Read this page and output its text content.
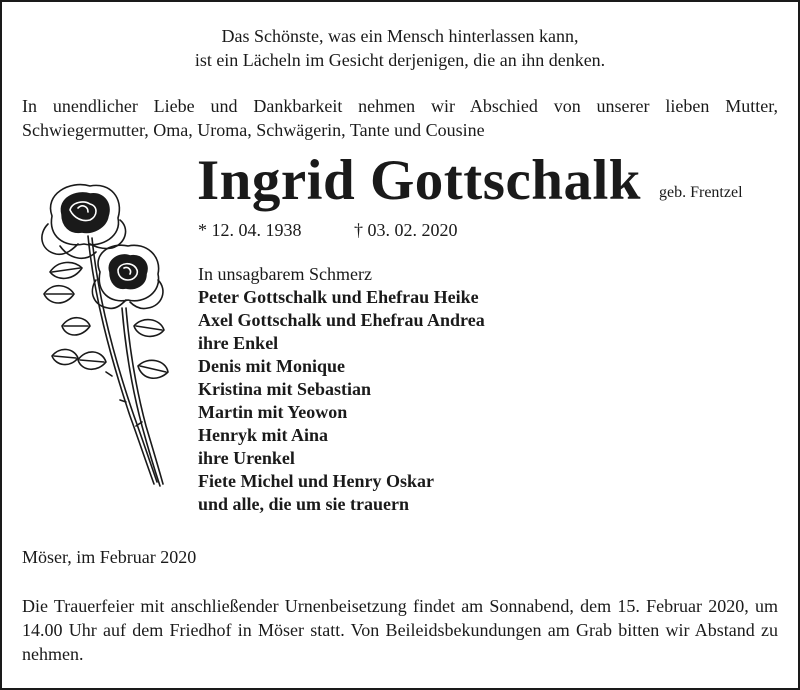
Das Schönste, was ein Mensch hinterlassen kann,
ist ein Lächeln im Gesicht derjenigen, die an ihn denken.
In unendlicher Liebe und Dankbarkeit nehmen wir Abschied von unserer lieben Mutter,
Schwiegermutter, Oma, Uroma, Schwägerin, Tante und Cousine
Ingrid Gottschalk geb. Frentzel
* 12. 04. 1938	† 03. 02. 2020
In unsagbarem Schmerz
Peter Gottschalk und Ehefrau Heike
Axel Gottschalk und Ehefrau Andrea
ihre Enkel
Denis mit Monique
Kristina mit Sebastian
Martin mit Yeowon
Henryk mit Aina
ihre Urenkel
Fiete Michel und Henry Oskar
und alle, die um sie trauern
Möser, im Februar 2020
Die Trauerfeier mit anschließender Urnenbeisetzung findet am Sonnabend, dem 15. Februar 2020, um 14.00 Uhr auf dem Friedhof in Möser statt. Von Beileidsbekundungen am Grab bitten wir Abstand zu nehmen.
